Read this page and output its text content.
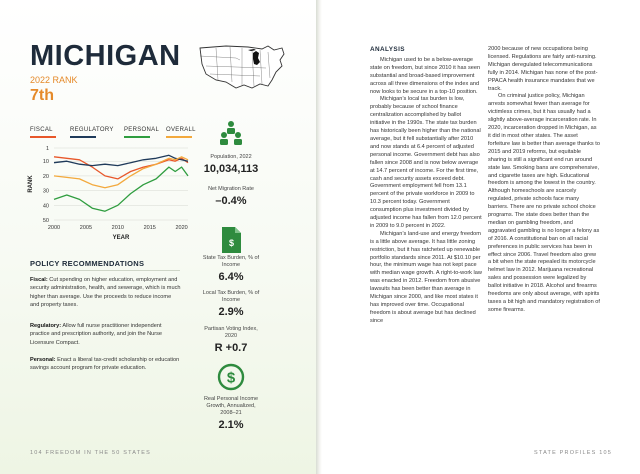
MICHIGAN
2022 RANK
7th
FISCAL	REGULATORY PERSONAL OVERALL
1
10
20
30
40
50
2000	2005	2010	2015	2020
YEAR
RANK
Population, 2022
10,034,113
Net Migration Rate
–0.4%
$
State Tax Burden, % of Income
6.4%
Local Tax Burden, % of Income
2.9%
Partisan Voting Index, 2020
R +0.7
$
Real Personal Income Growth, Annualized, 2008–21
2.1%
POLICY RECOMMENDATIONS
Fiscal: Cut spending on higher education, employment and security administration, health, and sewerage, which is much higher than average. Use the proceeds to reduce income and property taxes.
Regulatory: Allow full nurse practitioner independent practice and prescription authority, and join the Nurse Licensure Compact.
Personal: Enact a liberal tax-credit scholarship or education savings account program for private education.
104 FREEDOM IN THE 50 STATES

ANALYSIS

Michigan used to be a below-average state on freedom, but since 2010 it has seen substantial and broad-based improvement across all three dimensions of the index and now looks to be secure in a top-10 position.

Michigan’s local tax burden is low, probably because of school finance centralization accomplished by ballot initiative in the 1990s. The state tax burden has historically been higher than the national average, but it fell substantially after 2010 and now stands at 6.4 percent of adjusted personal income. Government debt has also fallen since 2008 and is now below average at 14.7 percent of income. For the first time, cash and security assets exceed debt. Government employment fell from 13.1 percent of the private workforce in 2009 to 10.3 percent today. Government consumption plus investment divided by adjusted income has fallen from 12.0 percent in 2009 to 9.0 percent in 2022.

Michigan’s land-use and energy freedom is a little above average. It has little zoning restriction, but it has ratcheted up renewable portfolio standards since 2011. At $10.10 per hour, the minimum wage has not kept pace with median wage growth. A right-to-work law was enacted in 2012. Freedom from abusive lawsuits has been better than average in Michigan since 2000, and like most states it has improved over time. Occupational freedom is about average but has declined since

2000 because of new occupations being licensed. Regulations are fairly anti-nursing. Michigan deregulated telecommunications fully in 2014. Michigan has none of the post-PPACA health insurance mandates that we track.

On criminal justice policy, Michigan arrests somewhat fewer than average for victimless crimes, but it has usually had a slightly above-average incarceration rate. In 2020, incarceration dropped in Michigan, as it did in most other states. The asset forfeiture law is better than average thanks to 2015 and 2019 reforms, but equitable sharing is still a significant end run around state law. Smoking bans are comprehensive, and cigarette taxes are high. Educational freedom is among the lowest in the country. Although homeschools are scarcely regulated, private schools face many barriers. There are no private school choice programs. The state does better than the median on gambling freedom, and aggravated gambling is no longer a felony as of 2016. A constitutional ban on all racial preferences in public services has been in effect since 2006. Travel freedom also grew a bit when the state repealed its motorcycle helmet law in 2012. Marijuana recreational sales and possession were legalized by ballot initiative in 2018. Alcohol and firearms freedoms are only about average, with spirits taxes a bit high and mandatory registration of some firearms.

STATE PROFILES 105
